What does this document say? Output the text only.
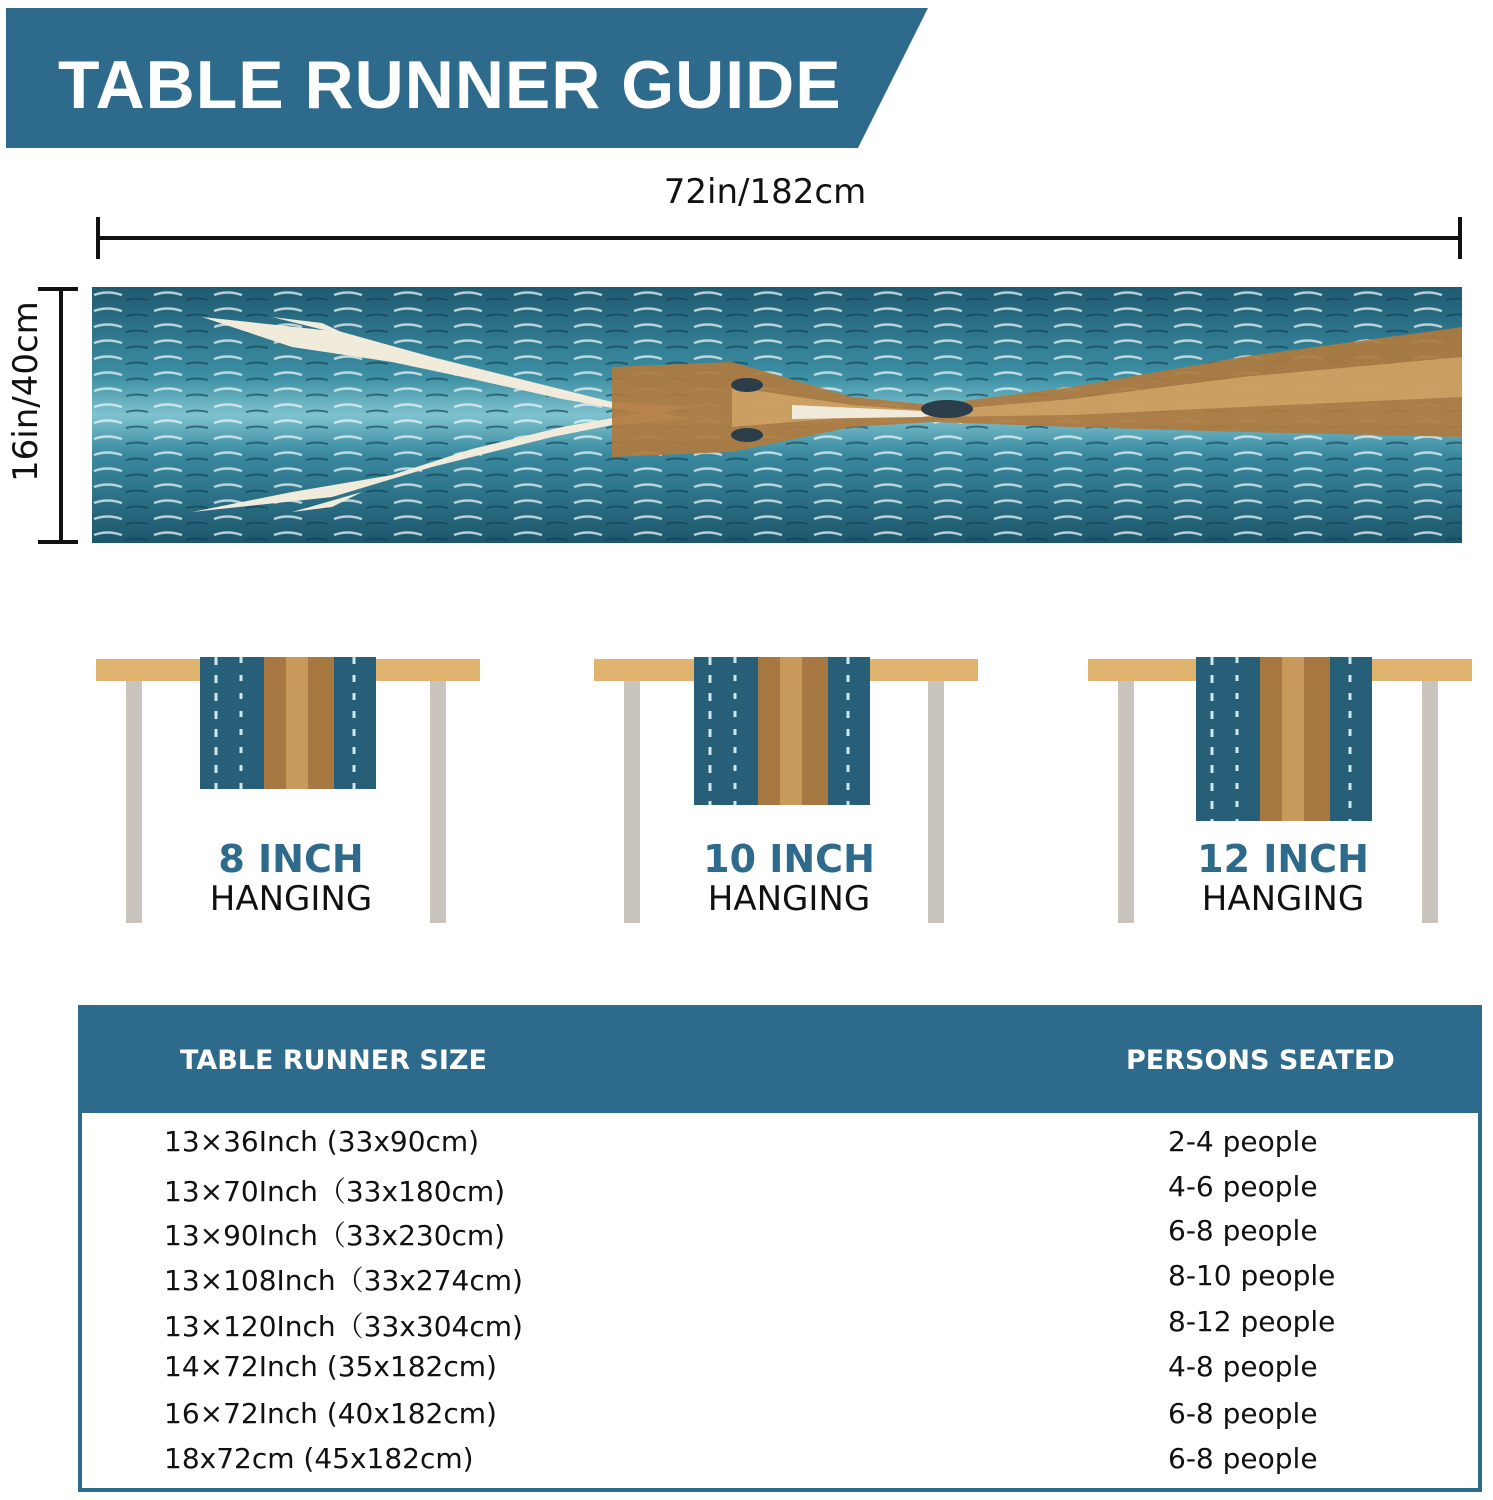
TABLE RUNNER GUIDE
72in/182cm
16in/40cm
8 INCH
HANGING
10 INCH
HANGING
12 INCH
HANGING
TABLE RUNNER SIZE	PERSONS SEATED
13×36Inch (33x90cm)	2-4 people
13×70Inch（33x180cm)	4-6 people
13×90Inch（33x230cm)	6-8 people
13×108Inch（33x274cm)	8-10 people
13×120Inch（33x304cm)	8-12 people
14×72Inch (35x182cm)	4-8 people
16×72Inch (40x182cm)	6-8 people
18x72cm (45x182cm)	6-8 people
